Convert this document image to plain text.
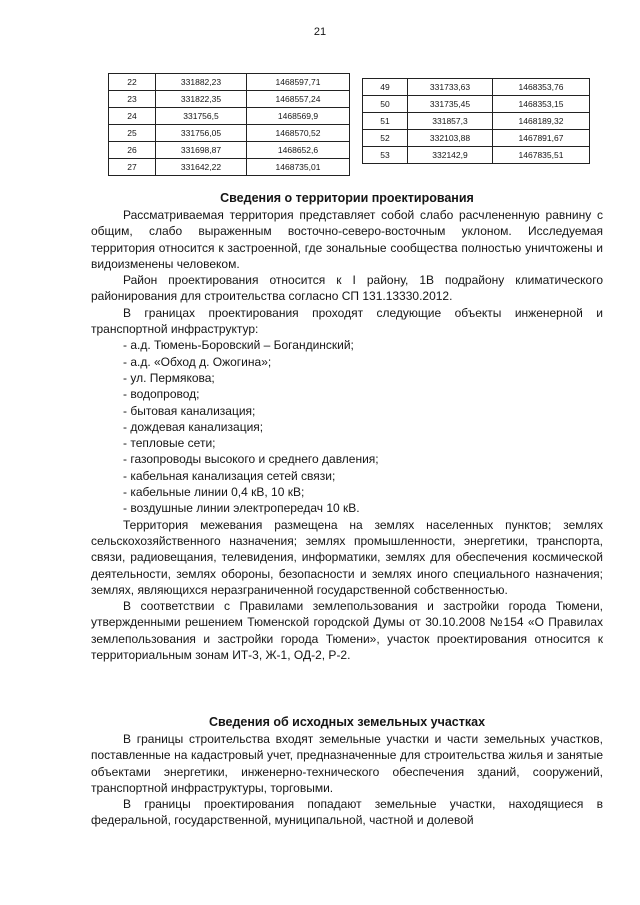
21
22	331882,23	1468597,71
23	331822,35	1468557,24
24	331756,5	1468569,9
25	331756,05	1468570,52
26	331698,87	1468652,6
27	331642,22	1468735,01
49	331733,63	1468353,76
50	331735,45	1468353,15
51	331857,3	1468189,32
52	332103,88	1467891,67
53	332142,9	1467835,51
Сведения о территории проектирования

Рассматриваемая территория представляет собой слабо расчлененную равнину с общим, слабо выраженным восточно-северо-восточным уклоном. Исследуемая территория относится к застроенной, где зональные сообщества полностью уничтожены и видоизменены человеком.

Район проектирования относится к I району, 1В подрайону климатического районирования для строительства согласно СП 131.13330.2012.

В границах проектирования проходят следующие объекты инженерной и транспортной инфраструктур:

- а.д. Тюмень-Боровский – Богандинский;
- а.д. «Обход д. Ожогина»;
- ул. Пермякова;
- водопровод;
- бытовая канализация;
- дождевая канализация;
- тепловые сети;
- газопроводы высокого и среднего давления;
- кабельная канализация сетей связи;
- кабельные линии 0,4 кВ, 10 кВ;
- воздушные линии электропередач 10 кВ.

Территория межевания размещена на землях населенных пунктов; землях сельскохозяйственного назначения; землях промышленности, энергетики, транспорта, связи, радиовещания, телевидения, информатики, землях для обеспечения космической деятельности, землях обороны, безопасности и землях иного специального назначения; землях, являющихся неразграниченной государственной собственностью.

В соответствии с Правилами землепользования и застройки города Тюмени, утвержденными решением Тюменской городской Думы от 30.10.2008 №154 «О Правилах землепользования и застройки города Тюмени», участок проектирования относится к территориальным зонам ИТ-3, Ж-1, ОД-2, Р-2.

Сведения об исходных земельных участках

В границы строительства входят земельные участки и части земельных участков, поставленные на кадастровый учет, предназначенные для строительства жилья и занятые объектами энергетики, инженерно-технического обеспечения зданий, сооружений, транспортной инфраструктуры, торговыми.

В границы проектирования попадают земельные участки, находящиеся в федеральной, государственной, муниципальной, частной и долевой
